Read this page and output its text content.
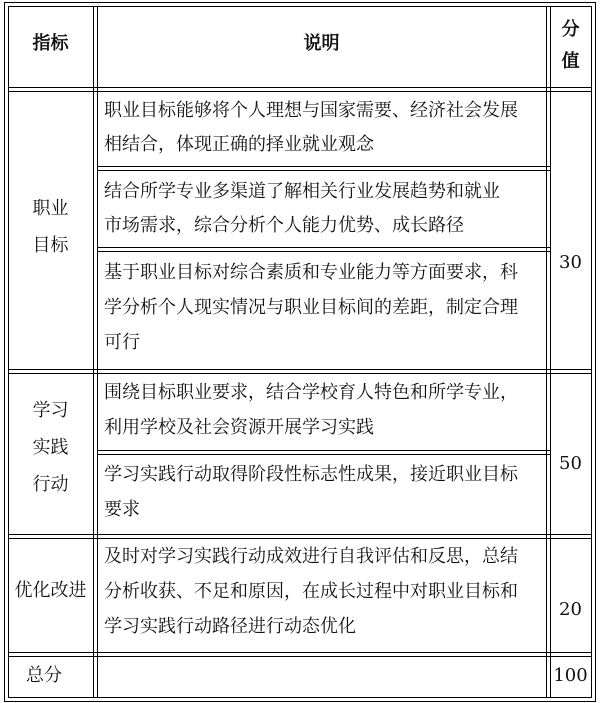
指标	说明
分
值
职业
目标
30
职业目标能够将个人理想与国家需要、经济社会发展
相结合，体现正确的择业就业观念
结合所学专业多渠道了解相关行业发展趋势和就业
市场需求，综合分析个人能力优势、成长路径
基于职业目标对综合素质和专业能力等方面要求，科
学分析个人现实情况与职业目标间的差距，制定合理
可行
学习
实践
行动
50
围绕目标职业要求，结合学校育人特色和所学专业，
利用学校及社会资源开展学习实践
学习实践行动取得阶段性标志性成果，接近职业目标
要求
优化改进
20
及时对学习实践行动成效进行自我评估和反思，总结
分析收获、不足和原因，在成长过程中对职业目标和
学习实践行动路径进行动态优化
总分	100
